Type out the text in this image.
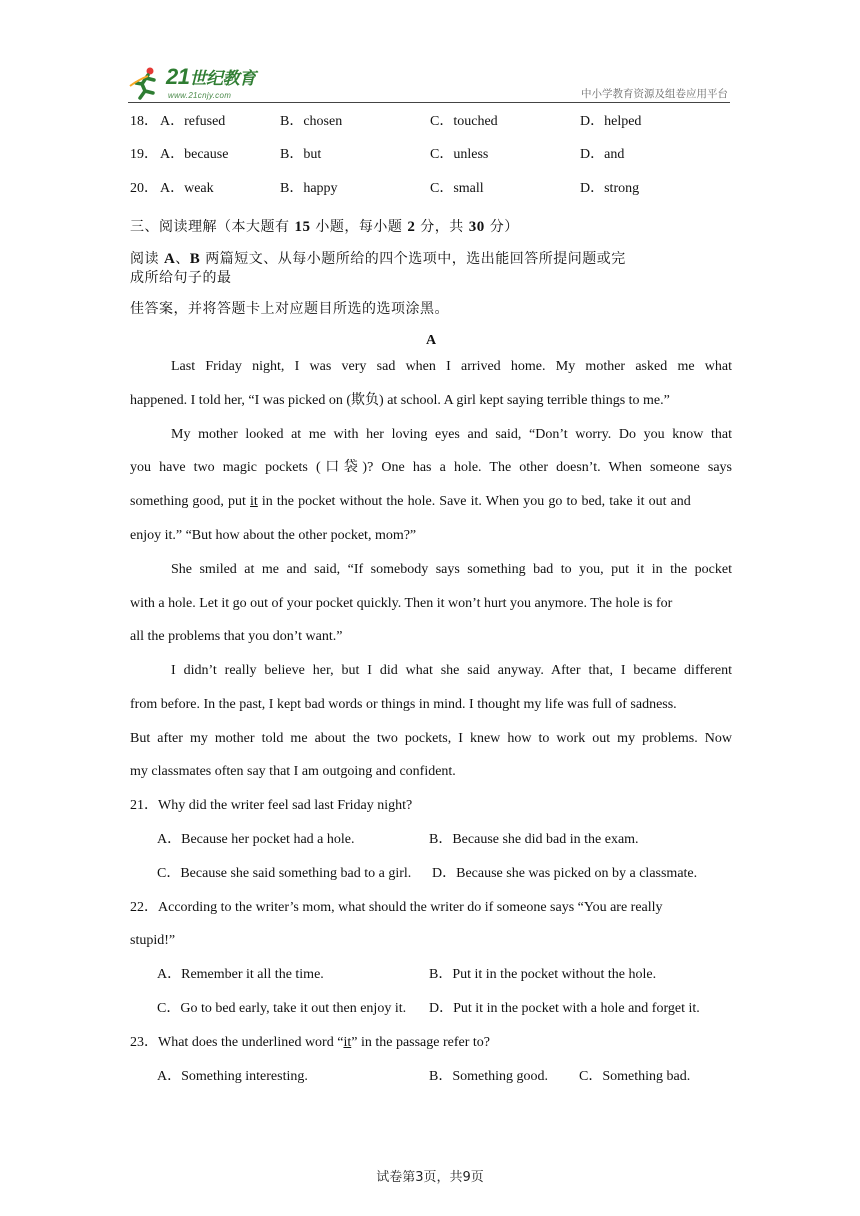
21世纪教育
www.21cnjy.com	中小学教育资源及组卷应用平台
18． A．refused	B．chosen	C．touched	D．helped
19． A．because	B．but	C．unless	D．and
20． A．weak	B．happy	C．small	D．strong
三、阅读理解（本大题有 15 小题，每小题 2 分，共 30 分）
阅读 A、B 两篇短文、从每小题所给的四个选项中，选出能回答所提问题或完
成所给句子的最
佳答案，并将答题卡上对应题目所选的选项涂黑。
A
Last Friday night, I was very sad when I arrived home. My mother asked me what
happened. I told her, “I was picked on (欺负) at school. A girl kept saying terrible things to me.”
My mother looked at me with her loving eyes and said, “Don’t worry. Do you know that
you have two magic pockets (口袋)? One has a hole. The other doesn’t. When someone says
something good, put it in the pocket without the hole. Save it. When you go to bed, take it out and
enjoy it.” “But how about the other pocket, mom?”
She smiled at me and said, “If somebody says something bad to you, put it in the pocket
with a hole. Let it go out of your pocket quickly. Then it won’t hurt you anymore. The hole is for
all the problems that you don’t want.”
I didn’t really believe her, but I did what she said anyway. After that, I became different
from before. In the past, I kept bad words or things in mind. I thought my life was full of sadness.
But after my mother told me about the two pockets, I knew how to work out my problems. Now
my classmates often say that I am outgoing and confident.
21．Why did the writer feel sad last Friday night?
A．Because her pocket had a hole.	B．Because she did bad in the exam.
C．Because she said something bad to a girl.	D．Because she was picked on by a classmate.
22．According to the writer’s mom, what should the writer do if someone says “You are really
stupid!”
A．Remember it all the time.	B．Put it in the pocket without the hole.
C．Go to bed early, take it out then enjoy it.	D．Put it in the pocket with a hole and forget it.
23．What does the underlined word “it” in the passage refer to?
A．Something interesting.	B．Something good.	C．Something bad.
试卷第3页，共9页
